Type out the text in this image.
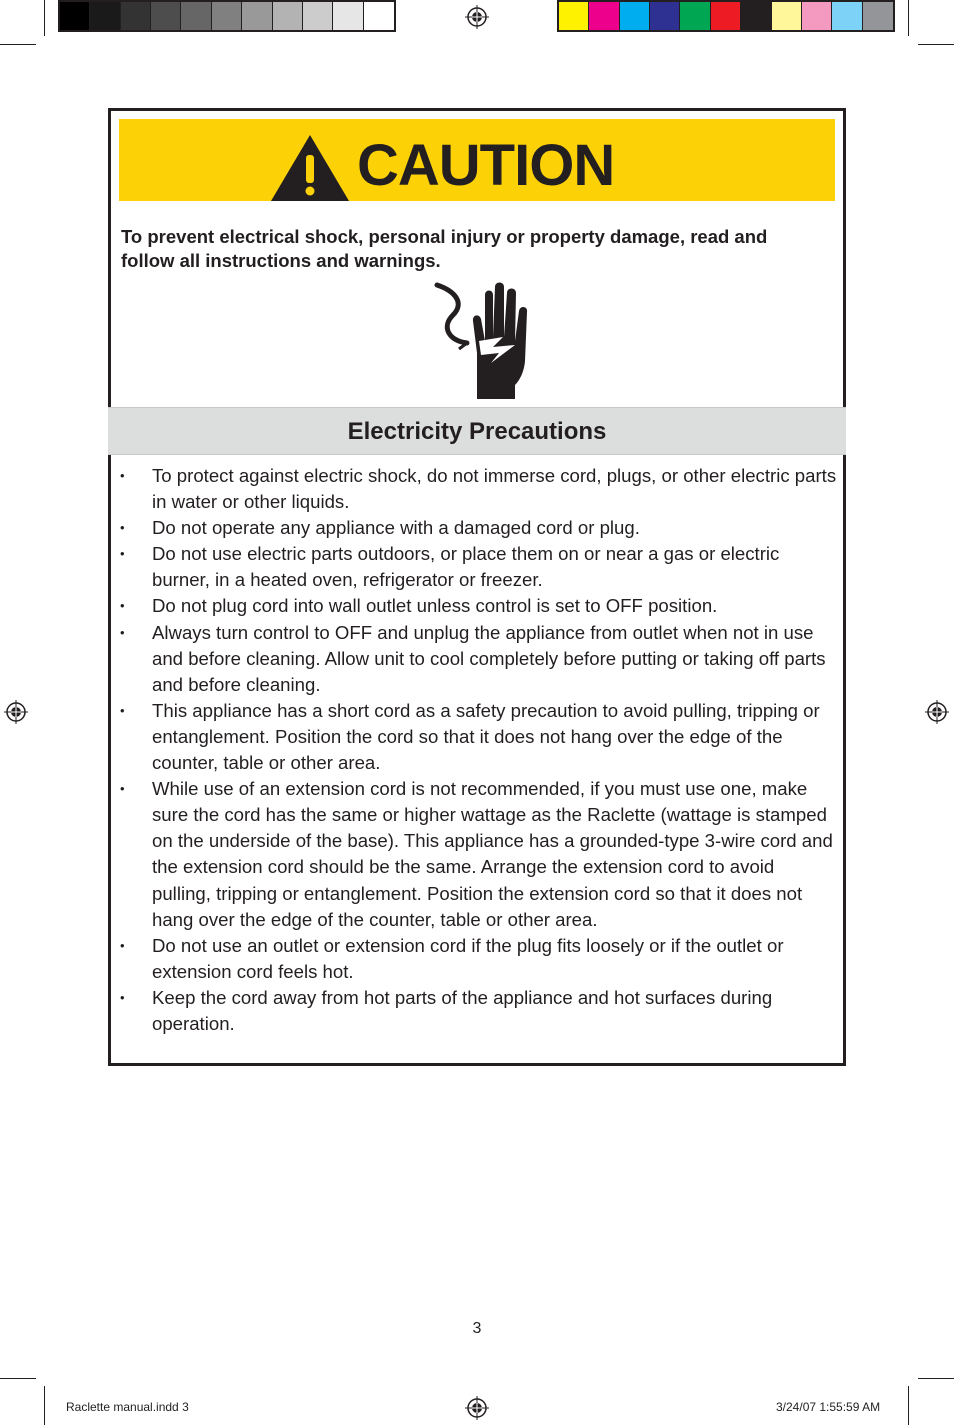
CAUTION
To prevent electrical shock, personal injury or property damage, read and follow all instructions and warnings.
Electricity Precautions
• To protect against electric shock, do not immerse cord, plugs, or other electric parts in water or other liquids.
• Do not operate any appliance with a damaged cord or plug.
• Do not use electric parts outdoors, or place them on or near a gas or electric burner, in a heated oven, refrigerator or freezer.
• Do not plug cord into wall outlet unless control is set to OFF position.
• Always turn control to OFF and unplug the appliance from outlet when not in use and before cleaning. Allow unit to cool completely before putting or taking off parts and before cleaning.
• This appliance has a short cord as a safety precaution to avoid pulling, tripping or entanglement. Position the cord so that it does not hang over the edge of the counter, table or other area.
• While use of an extension cord is not recommended, if you must use one, make sure the cord has the same or higher wattage as the Raclette (wattage is stamped on the underside of the base). This appliance has a grounded-type 3-wire cord and the extension cord should be the same. Arrange the extension cord to avoid pulling, tripping or entanglement. Position the extension cord so that it does not hang over the edge of the counter, table or other area.
• Do not use an outlet or extension cord if the plug fits loosely or if the outlet or extension cord feels hot.
• Keep the cord away from hot parts of the appliance and hot surfaces during operation.
3
Raclette manual.indd 3	3/24/07 1:55:59 AM
